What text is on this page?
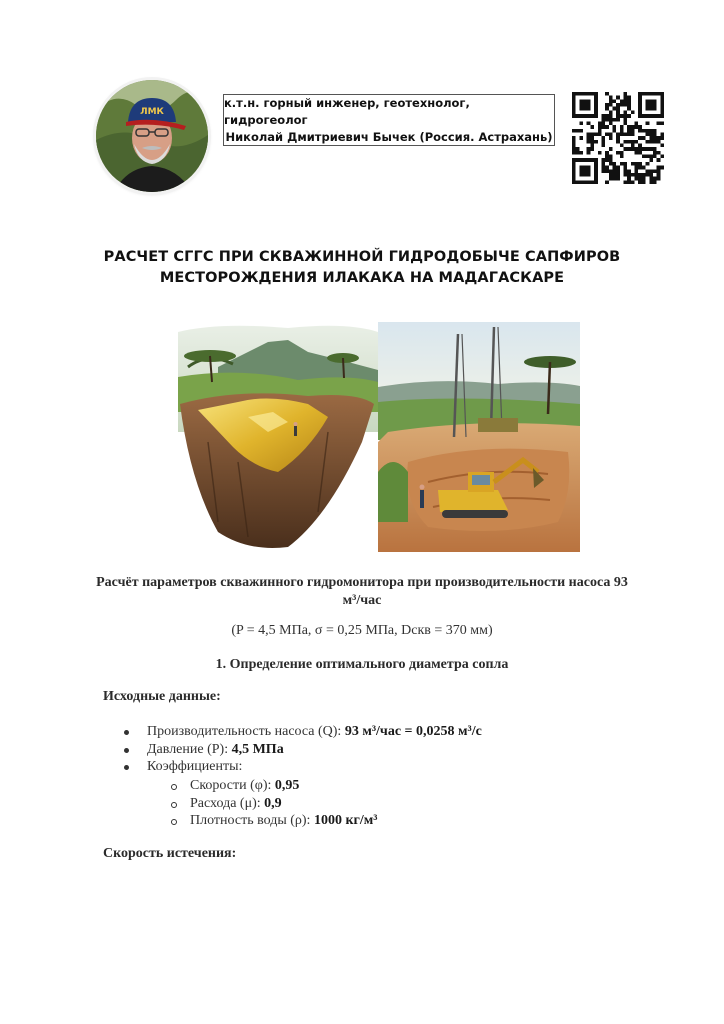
ЛМК
к.т.н. горный инженер, геотехнолог, гидрогеолог
Николай Дмитриевич Бычек (Россия. Астрахань)
РАСЧЕТ СГГС ПРИ СКВАЖИННОЙ ГИДРОДОБЫЧЕ САПФИРОВ
МЕСТОРОЖДЕНИЯ ИЛАКАКА НА МАДАГАСКАРЕ
Расчёт параметров скважинного гидромонитора при производительности насоса 93
м³/час
(P = 4,5 МПа, σ = 0,25 МПа, Dскв = 370 мм)
1. Определение оптимального диаметра сопла
Исходные данные:
Производительность насоса (Q): 93 м³/час = 0,0258 м³/с
Давление (P): 4,5 МПа
Коэффициенты:
Скорости (φ): 0,95
Расхода (μ): 0,9
Плотность воды (ρ): 1000 кг/м³
Скорость истечения:
